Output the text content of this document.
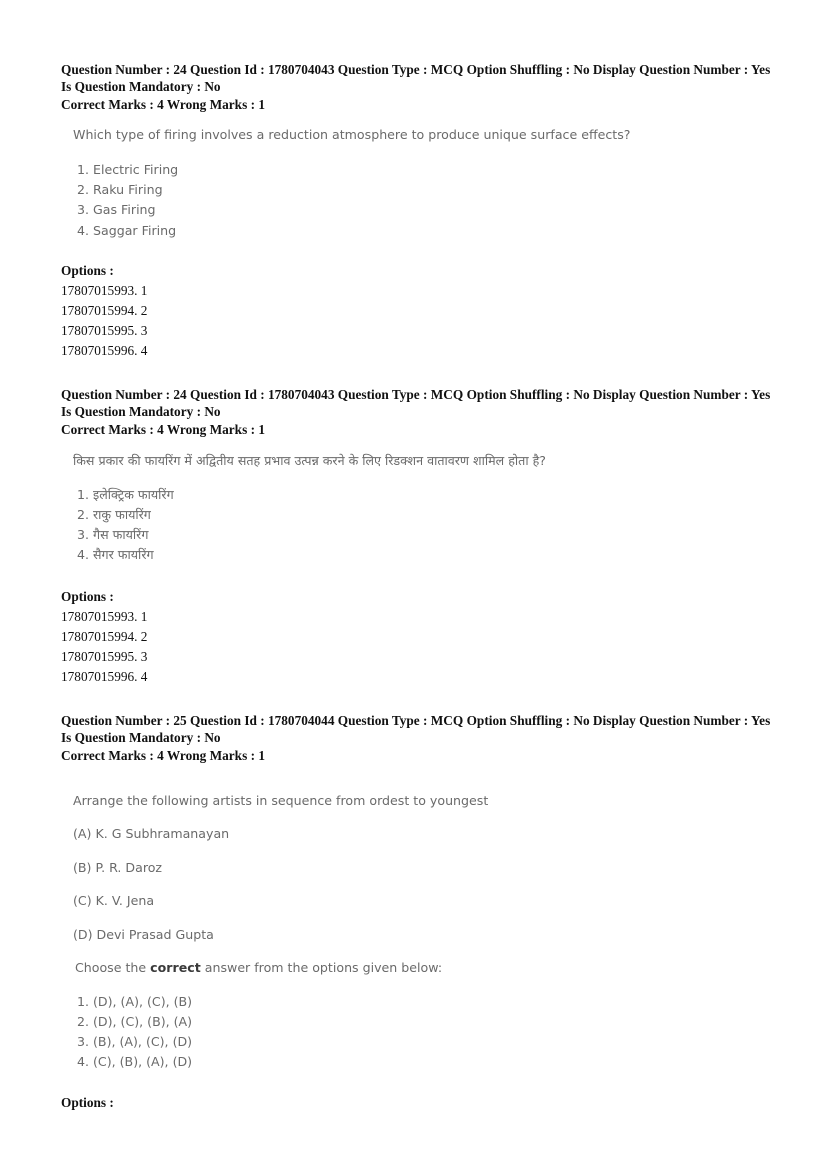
Question Number : 24 Question Id : 1780704043 Question Type : MCQ Option Shuffling : No Display Question Number : Yes
Is Question Mandatory : No
Correct Marks : 4 Wrong Marks : 1
Which type of firing involves a reduction atmosphere to produce unique surface effects?
1. Electric Firing
2. Raku Firing
3. Gas Firing
4. Saggar Firing
Options :
17807015993. 1
17807015994. 2
17807015995. 3
17807015996. 4
Question Number : 24 Question Id : 1780704043 Question Type : MCQ Option Shuffling : No Display Question Number : Yes
Is Question Mandatory : No
Correct Marks : 4 Wrong Marks : 1
किस प्रकार की फायरिंग में अद्वितीय सतह प्रभाव उत्पन्न करने के लिए रिडक्शन वातावरण शामिल होता है?
1. इलेक्ट्रिक फायरिंग
2. राकु फायरिंग
3. गैस फायरिंग
4. सैगर फायरिंग
Options :
17807015993. 1
17807015994. 2
17807015995. 3
17807015996. 4
Question Number : 25 Question Id : 1780704044 Question Type : MCQ Option Shuffling : No Display Question Number : Yes
Is Question Mandatory : No
Correct Marks : 4 Wrong Marks : 1
Arrange the following artists in sequence from ordest to youngest
(A) K. G Subhramanayan
(B) P. R. Daroz
(C) K. V. Jena
(D) Devi Prasad Gupta
Choose the correct answer from the options given below:
1. (D), (A), (C), (B)
2. (D), (C), (B), (A)
3. (B), (A), (C), (D)
4. (C), (B), (A), (D)
Options :
